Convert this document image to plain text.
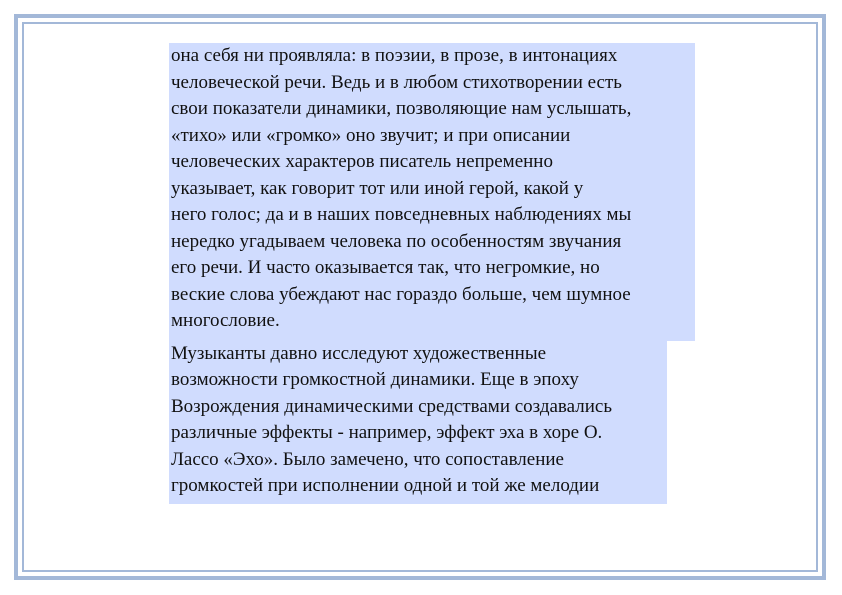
она себя ни проявляла: в поэзии, в прозе, в интонациях
человеческой речи. Ведь и в любом стихотворении есть
свои показатели динамики, позволяющие нам услышать,
«тихо» или «громко» оно звучит; и при описании
человеческих характеров писатель непременно
указывает, как говорит тот или иной герой, какой у
него голос; да и в наших повседневных наблюдениях мы
нередко угадываем человека по особенностям звучания
его речи. И часто оказывается так, что негромкие, но
веские слова убеждают нас гораздо больше, чем шумное
многословие.

Музыканты давно исследуют художественные
возможности громкостной динамики. Еще в эпоху
Возрождения динамическими средствами создавались
различные эффекты - например, эффект эха в хоре О.
Лассо «Эхо». Было замечено, что сопоставление
громкостей при исполнении одной и той же мелодии
